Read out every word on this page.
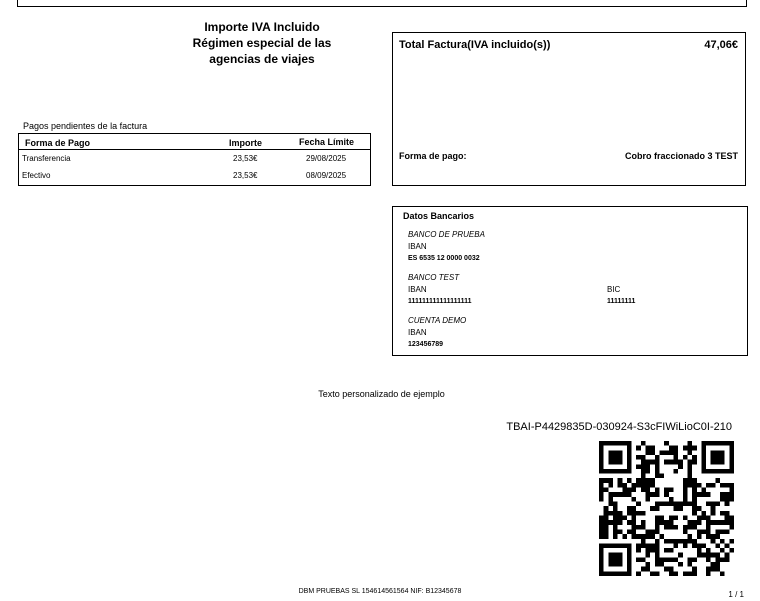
Importe IVA Incluido
Régimen especial de las
agencias de viajes
Total Factura(IVA incluido(s))	47,06€
Forma de pago:	Cobro fraccionado 3 TEST
Pagos pendientes de la factura
Forma de Pago	Importe	Fecha Límite
Transferencia	23,53€	29/08/2025
Efectivo	23,53€	08/09/2025
Datos Bancarios
BANCO DE PRUEBA
IBAN
ES 6535 12 0000 0032
BANCO TEST
IBAN
111111111111111111
BIC
11111111
CUENTA DEMO
IBAN
123456789
Texto personalizado de ejemplo
TBAI-P4429835D-030924-S3cFIWiLioC0I-210
DBM PRUEBAS SL 154614561564 NIF: B12345678	1 / 1
